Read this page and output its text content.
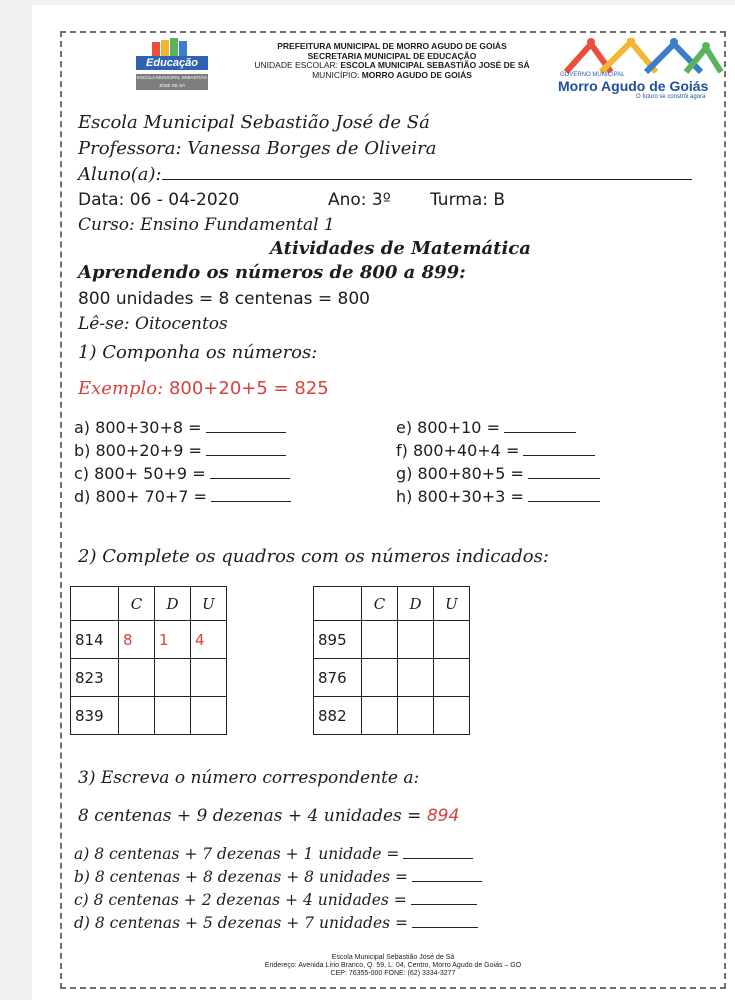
Educação
ESCOLA MUNICIPAL SEBASTIÃO JOSÉ DE SÁ
PREFEITURA MUNICIPAL DE MORRO AGUDO DE GOIÁS
SECRETARIA MUNICIPAL DE EDUCAÇÃO
UNIDADE ESCOLAR: ESCOLA MUNICIPAL SEBASTIÃO JOSÉ DE SÁ
MUNICÍPIO: MORRO AGUDO DE GOIÁS	GOVERNO MUNICIPAL
Morro Agudo de Goiás
O futuro se constrói agora
Escola Municipal Sebastião José de Sá
Professora: Vanessa Borges de Oliveira
Aluno(a):
Data: 06 - 04-2020	Ano: 3º Turma: B
Curso: Ensino Fundamental 1
Atividades de Matemática
Aprendendo os números de 800 a 899:
800 unidades = 8 centenas = 800
Lê-se: Oitocentos
1) Componha os números:
Exemplo: 800+20+5 = 825
a) 800+30+8 =
b) 800+20+9 =
c) 800+ 50+9 =
d) 800+ 70+7 =
e) 800+10 =
f) 800+40+4 =
g) 800+80+5 =
h) 800+30+3 =
2) Complete os quadros com os números indicados:
	C	D	U
814	8	1	4
823			
839			
	C	D	U
895			
876			
882			
3) Escreva o número correspondente a:
8 centenas + 9 dezenas + 4 unidades = 894
a) 8 centenas + 7 dezenas + 1 unidade =
b) 8 centenas + 8 dezenas + 8 unidades =
c) 8 centenas + 2 dezenas + 4 unidades =
d) 8 centenas + 5 dezenas + 7 unidades =
Escola Municipal Sebastião José de Sá
Endereço: Avenida Lírio Branco, Q. 59, L. 04, Centro, Morro Agudo de Goiás – GO
CEP: 76355-000 FONE: (62) 3334-3277
